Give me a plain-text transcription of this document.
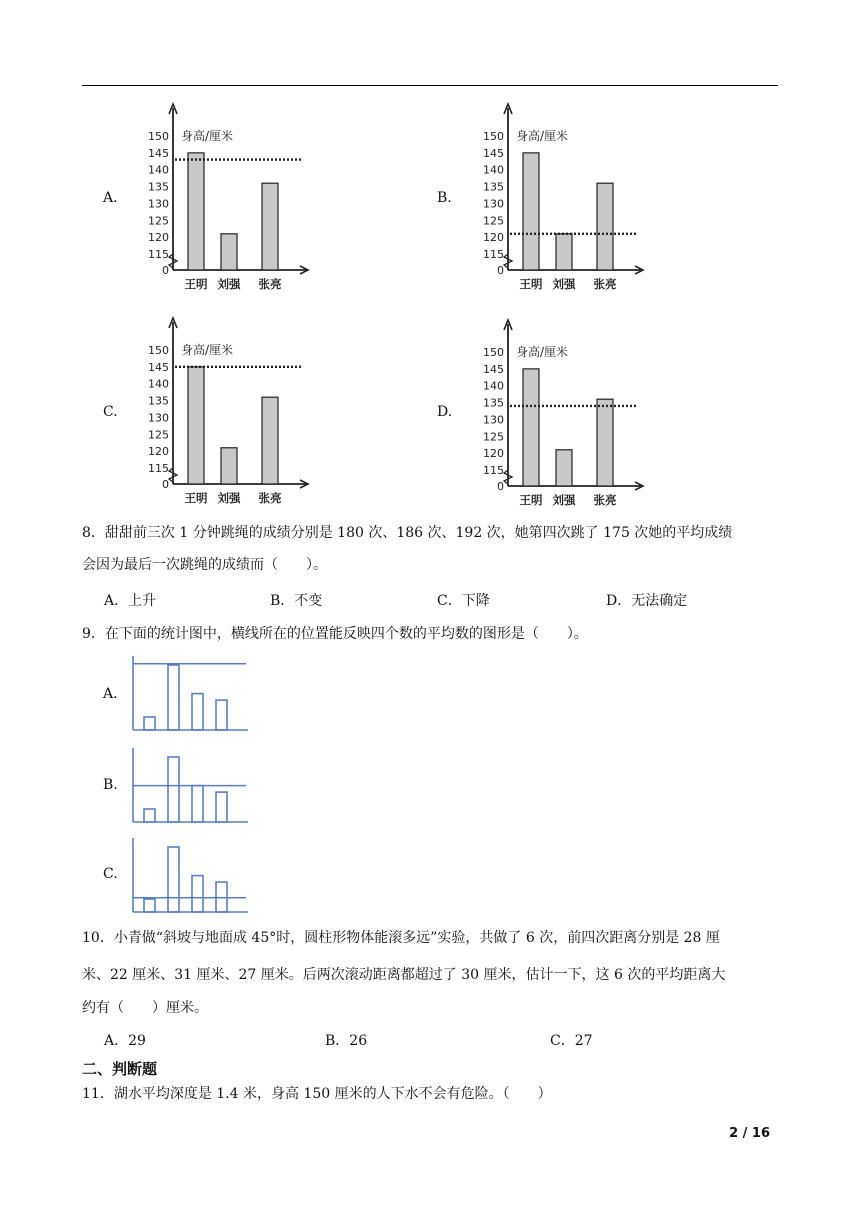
A.
150
145
140
135
130
125
120
115
0
身高/厘米
王明 刘强 张亮
B.
150
145
140
135
130
125
120
115
0
身高/厘米
王明 刘强 张亮
C.
150
145
140
135
130
125
120
115
0
身高/厘米
王明 刘强 张亮
D.
150
145
140
135
130
125
120
115
0
身高/厘米
王明 刘强 张亮
8．甜甜前三次 1 分钟跳绳的成绩分别是 180 次、186 次、192 次，她第四次跳了 175 次她的平均成绩
会因为最后一次跳绳的成绩而（　　）。
A．上升	B．不变	C．下降	D．无法确定
9．在下面的统计图中，横线所在的位置能反映四个数的平均数的图形是（　　）。
A.
B.
C.
10．小青做“斜坡与地面成 45°时，圆柱形物体能滚多远”实验，共做了 6 次，前四次距离分别是 28 厘
米、22 厘米、31 厘米、27 厘米。后两次滚动距离都超过了 30 厘米，估计一下，这 6 次的平均距离大
约有（　　）厘米。
A．29	B．26	C．27
二、判断题
11．湖水平均深度是 1.4 米，身高 150 厘米的人下水不会有危险。（　　）
2 / 16
